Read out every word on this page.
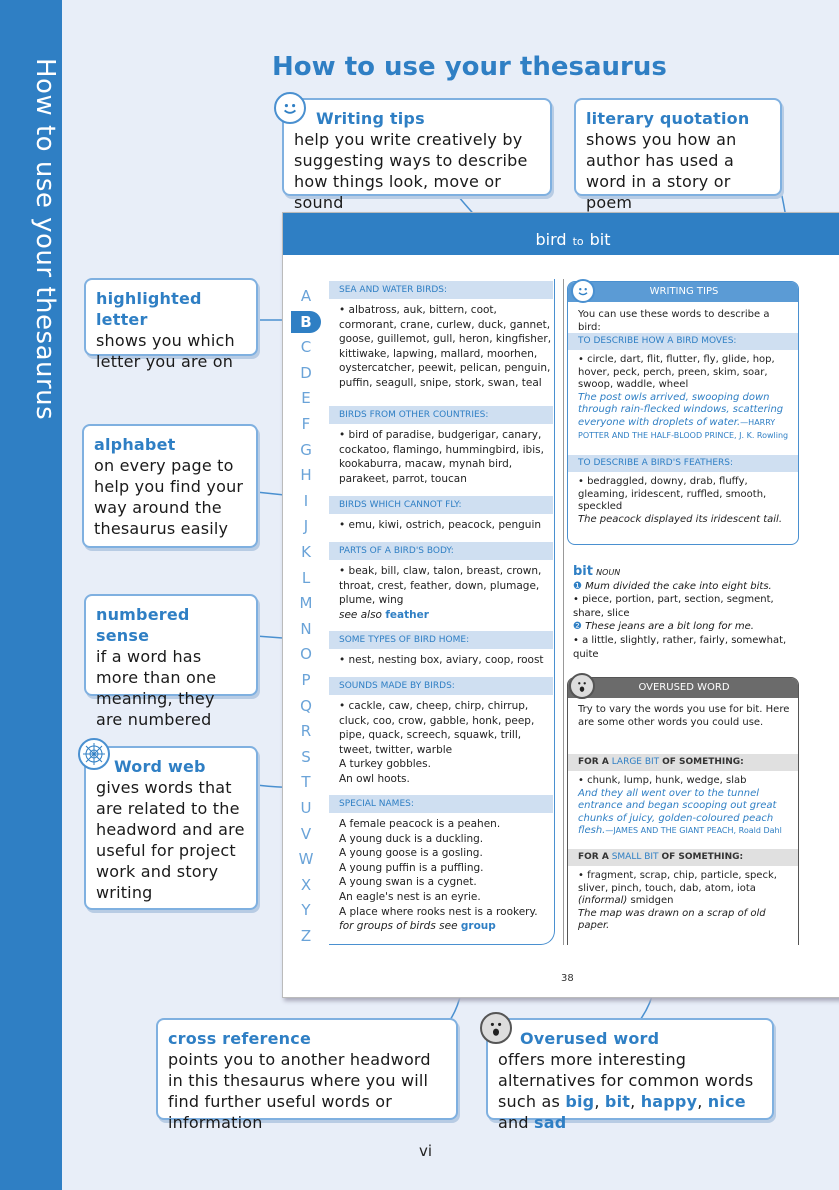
How to use your thesaurus	How to use your thesaurus
bird to bit
A
B
C
D
E
F
G
H
I
J
K
L
M
N
O
P
Q
R
S
T
U
V
W
X
Y
Z
SEA AND WATER BIRDS:
• albatross, auk, bittern, coot, cormorant, crane, curlew, duck, gannet, goose, guillemot, gull, heron, kingfisher, kittiwake, lapwing, mallard, moorhen, oystercatcher, peewit, pelican, penguin, puffin, seagull, snipe, stork, swan, teal
BIRDS FROM OTHER COUNTRIES:
• bird of paradise, budgerigar, canary, cockatoo, flamingo, hummingbird, ibis, kookaburra, macaw, mynah bird, parakeet, parrot, toucan
BIRDS WHICH CANNOT FLY:
• emu, kiwi, ostrich, peacock, penguin
PARTS OF A BIRD'S BODY:
• beak, bill, claw, talon, breast, crown, throat, crest, feather, down, plumage, plume, wing
see also feather
SOME TYPES OF BIRD HOME:
• nest, nesting box, aviary, coop, roost
SOUNDS MADE BY BIRDS:
• cackle, caw, cheep, chirp, chirrup, cluck, coo, crow, gabble, honk, peep, pipe, quack, screech, squawk, trill, tweet, twitter, warble
A turkey gobbles.
An owl hoots.
SPECIAL NAMES:
A female peacock is a peahen.
A young duck is a duckling.
A young goose is a gosling.
A young puffin is a puffling.
A young swan is a cygnet.
An eagle's nest is an eyrie.
A place where rooks nest is a rookery.
for groups of birds see group
WRITING TIPS
You can use these words to describe a bird:
TO DESCRIBE HOW A BIRD MOVES:
• circle, dart, flit, flutter, fly, glide, hop, hover, peck, perch, preen, skim, soar, swoop, waddle, wheel
The post owls arrived, swooping down through rain-flecked windows, scattering everyone with droplets of water.—HARRY POTTER AND THE HALF-BLOOD PRINCE, J. K. Rowling
TO DESCRIBE A BIRD'S FEATHERS:
• bedraggled, downy, drab, fluffy, gleaming, iridescent, ruffled, smooth, speckled
The peacock displayed its iridescent tail.
bit NOUN
❶ Mum divided the cake into eight bits.
• piece, portion, part, section, segment, share, slice
❷ These jeans are a bit long for me.
• a little, slightly, rather, fairly, somewhat, quite
OVERUSED WORD
Try to vary the words you use for bit. Here are some other words you could use.
FOR A LARGE BIT OF SOMETHING:
• chunk, lump, hunk, wedge, slab
And they all went over to the tunnel entrance and began scooping out great chunks of juicy, golden-coloured peach flesh.—JAMES AND THE GIANT PEACH, Roald Dahl
FOR A SMALL BIT OF SOMETHING:
• fragment, scrap, chip, particle, speck, sliver, pinch, touch, dab, atom, iota
(informal) smidgen
The map was drawn on a scrap of old paper.
38
Writing tips
help you write creatively by suggesting ways to describe how things look, move or sound
literary quotation
shows you how an author has used a word in a story or poem
highlighted letter
shows you which letter you are on
alphabet
on every page to help you find your way around the thesaurus easily
numbered sense
if a word has more than one meaning, they are numbered
Word web
gives words that are related to the headword and are useful for project work and story writing
cross reference
points you to another headword in this thesaurus where you will find further useful words or information
Overused word
offers more interesting alternatives for common words such as big, bit, happy, nice and sad
vi
